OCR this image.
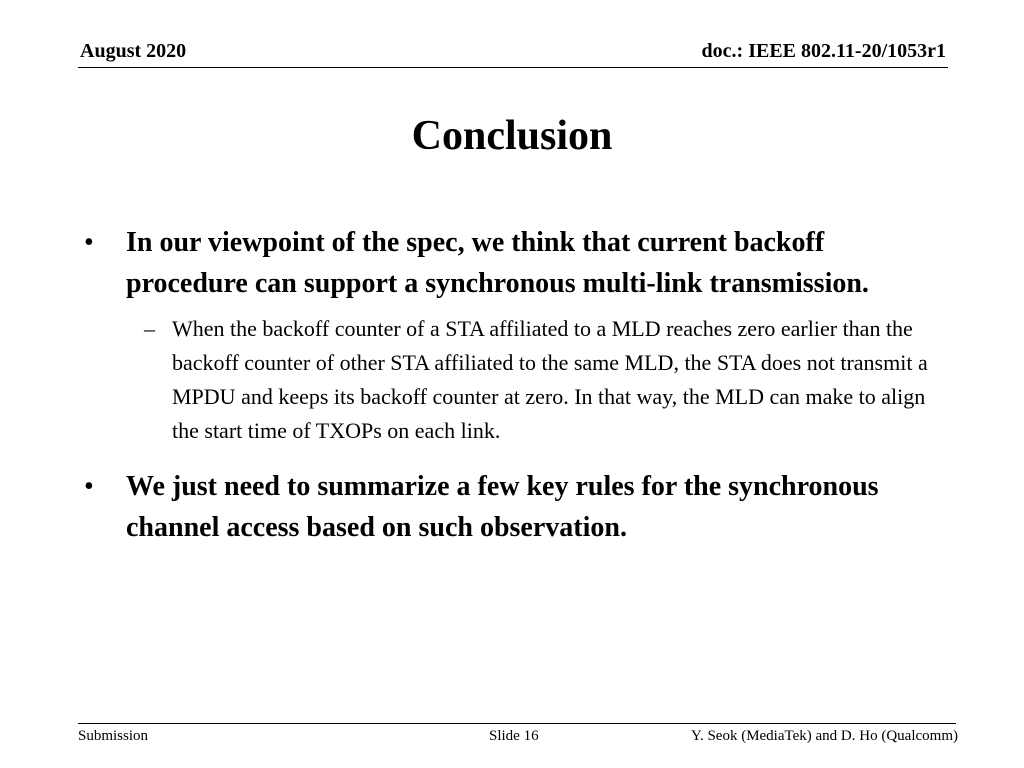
August 2020	doc.: IEEE 802.11-20/1053r1
Conclusion
• In our viewpoint of the spec, we think that current backoff procedure can support a synchronous multi-link transmission.
– When the backoff counter of a STA affiliated to a MLD reaches zero earlier than the backoff counter of other STA affiliated to the same MLD, the STA does not transmit a MPDU and keeps its backoff counter at zero. In that way, the MLD can make to align the start time of TXOPs on each link.
• We just need to summarize a few key rules for the synchronous channel access based on such observation.
Submission	Slide 16	Y. Seok (MediaTek) and D. Ho (Qualcomm)
